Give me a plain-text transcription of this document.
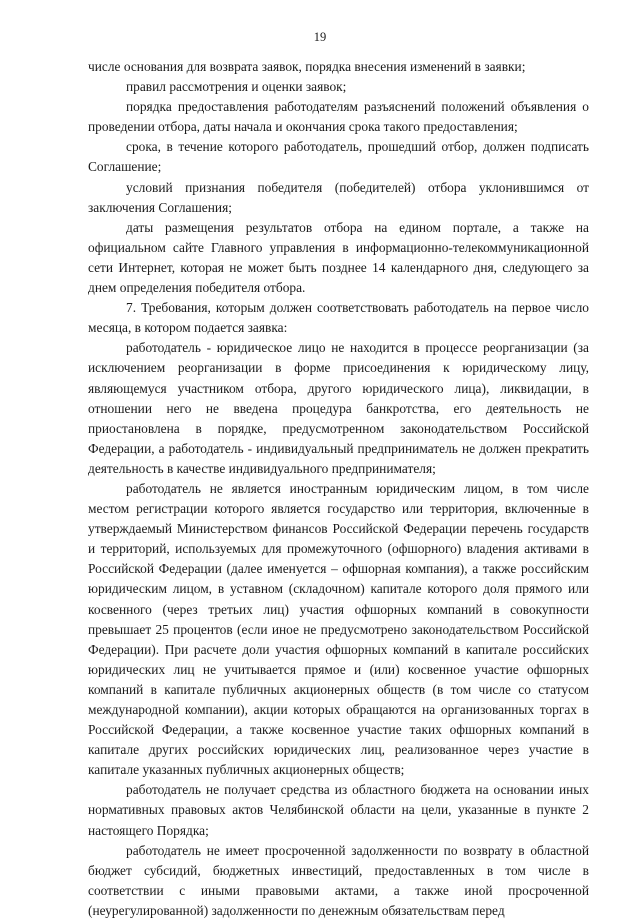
19

числе основания для возврата заявок, порядка внесения изменений в заявки;

правил рассмотрения и оценки заявок;

порядка предоставления работодателям разъяснений положений объявления о проведении отбора, даты начала и окончания срока такого предоставления;

срока, в течение которого работодатель, прошедший отбор, должен подписать Соглашение;

условий признания победителя (победителей) отбора уклонившимся от заключения Соглашения;

даты размещения результатов отбора на едином портале, а также на официальном сайте Главного управления в информационно-телекоммуникационной сети Интернет, которая не может быть позднее 14 календарного дня, следующего за днем определения победителя отбора.

7. Требования, которым должен соответствовать работодатель на первое число месяца, в котором подается заявка:

работодатель - юридическое лицо не находится в процессе реорганизации (за исключением реорганизации в форме присоединения к юридическому лицу, являющемуся участником отбора, другого юридического лица), ликвидации, в отношении него не введена процедура банкротства, его деятельность не приостановлена в порядке, предусмотренном законодательством Российской Федерации, а работодатель - индивидуальный предприниматель не должен прекратить деятельность в качестве индивидуального предпринимателя;

работодатель не является иностранным юридическим лицом, в том числе местом регистрации которого является государство или территория, включенные в утверждаемый Министерством финансов Российской Федерации перечень государств и территорий, используемых для промежуточного (офшорного) владения активами в Российской Федерации (далее именуется – офшорная компания), а также российским юридическим лицом, в уставном (складочном) капитале которого доля прямого или косвенного (через третьих лиц) участия офшорных компаний в совокупности превышает 25 процентов (если иное не предусмотрено законодательством Российской Федерации). При расчете доли участия офшорных компаний в капитале российских юридических лиц не учитывается прямое и (или) косвенное участие офшорных компаний в капитале публичных акционерных обществ (в том числе со статусом международной компании), акции которых обращаются на организованных торгах в Российской Федерации, а также косвенное участие таких офшорных компаний в капитале других российских юридических лиц, реализованное через участие в капитале указанных публичных акционерных обществ;

работодатель не получает средства из областного бюджета на основании иных нормативных правовых актов Челябинской области на цели, указанные в пункте 2 настоящего Порядка;

работодатель не имеет просроченной задолженности по возврату в областной бюджет субсидий, бюджетных инвестиций, предоставленных в том числе в соответствии с иными правовыми актами, а также иной просроченной (неурегулированной) задолженности по денежным обязательствам перед
